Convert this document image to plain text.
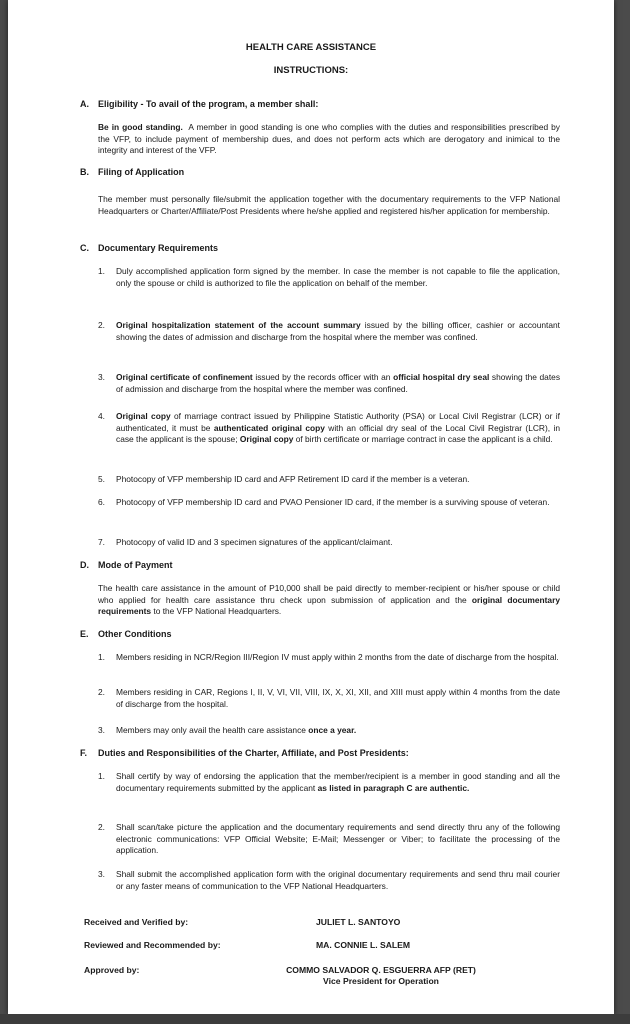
HEALTH CARE ASSISTANCE
INSTRUCTIONS:
A. Eligibility - To avail of the program, a member shall:
Be in good standing. A member in good standing is one who complies with the duties and responsibilities prescribed by the VFP, to include payment of membership dues, and does not perform acts which are derogatory and inimical to the integrity and interest of the VFP.
B. Filing of Application
The member must personally file/submit the application together with the documentary requirements to the VFP National Headquarters or Charter/Affiliate/Post Presidents where he/she applied and registered his/her application for membership.
C. Documentary Requirements
1.	Duly accomplished application form signed by the member. In case the member is not capable to file the application, only the spouse or child is authorized to file the application on behalf of the member.
2.	Original hospitalization statement of the account summary issued by the billing officer, cashier or accountant showing the dates of admission and discharge from the hospital where the member was confined.
3.	Original certificate of confinement issued by the records officer with an official hospital dry seal showing the dates of admission and discharge from the hospital where the member was confined.
4.	Original copy of marriage contract issued by Philippine Statistic Authority (PSA) or Local Civil Registrar (LCR) or if authenticated, it must be authenticated original copy with an official dry seal of the Local Civil Registrar (LCR), in case the applicant is the spouse; Original copy of birth certificate or marriage contract in case the applicant is a child.
5.	Photocopy of VFP membership ID card and AFP Retirement ID card if the member is a veteran.
6.	Photocopy of VFP membership ID card and PVAO Pensioner ID card, if the member is a surviving spouse of veteran.
7.	Photocopy of valid ID and 3 specimen signatures of the applicant/claimant.
D. Mode of Payment
The health care assistance in the amount of P10,000 shall be paid directly to member-recipient or his/her spouse or child who applied for health care assistance thru check upon submission of application and the original documentary requirements to the VFP National Headquarters.
E. Other Conditions
1.	Members residing in NCR/Region III/Region IV must apply within 2 months from the date of discharge from the hospital.
2.	Members residing in CAR, Regions I, II, V, VI, VII, VIII, IX, X, XI, XII, and XIII must apply within 4 months from the date of discharge from the hospital.
3.	Members may only avail the health care assistance once a year.
F. Duties and Responsibilities of the Charter, Affiliate, and Post Presidents:
1.	Shall certify by way of endorsing the application that the member/recipient is a member in good standing and all the documentary requirements submitted by the applicant as listed in paragraph C are authentic.
2.	Shall scan/take picture the application and the documentary requirements and send directly thru any of the following electronic communications: VFP Official Website; E-Mail; Messenger or Viber; to facilitate the processing of the application.
3.	Shall submit the accomplished application form with the original documentary requirements and send thru mail courier or any faster means of communication to the VFP National Headquarters.
Received and Verified by:	JULIET L. SANTOYO
Reviewed and Recommended by:	MA. CONNIE L. SALEM
Approved by:	COMMO SALVADOR Q. ESGUERRA AFP (RET)
Vice President for Operation
